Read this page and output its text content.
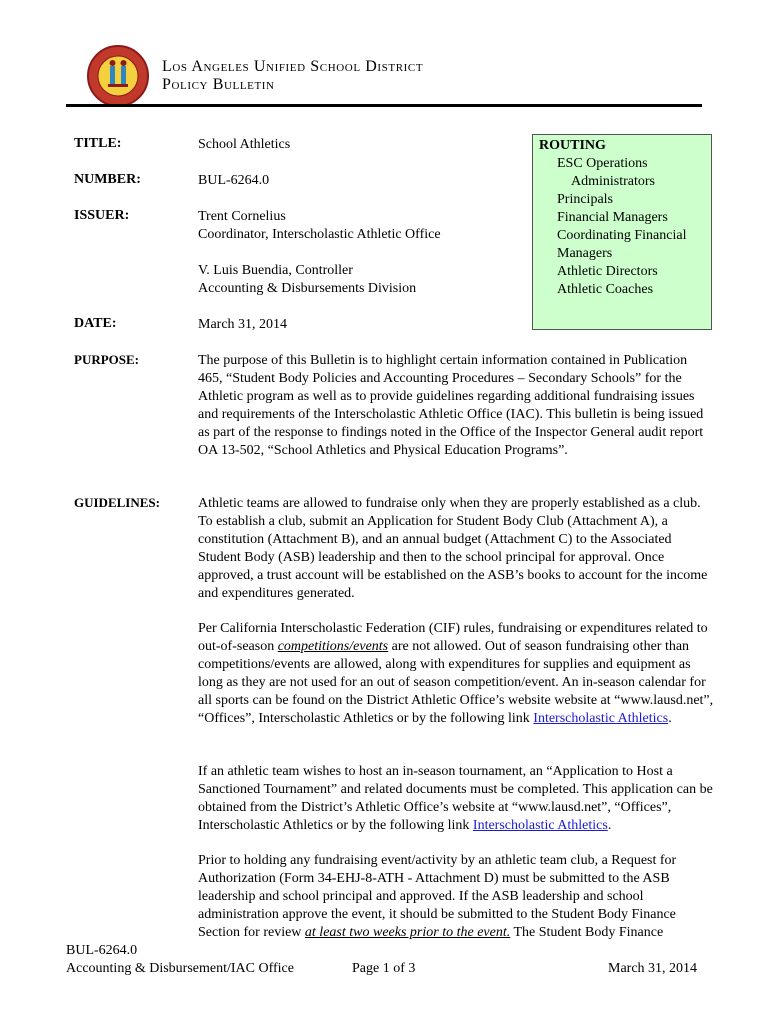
Los Angeles Unified School District
Policy Bulletin
TITLE:	School Athletics
NUMBER:	BUL-6264.0
ISSUER:	Trent Cornelius
Coordinator, Interscholastic Athletic Office
V. Luis Buendia, Controller
Accounting & Disbursements Division
DATE:	March 31, 2014
ROUTING
ESC Operations
Administrators
Principals
Financial Managers
Coordinating Financial
Managers
Athletic Directors
Athletic Coaches
PURPOSE:	The purpose of this Bulletin is to highlight certain information contained in Publication 465, “Student Body Policies and Accounting Procedures – Secondary Schools” for the Athletic program as well as to provide guidelines regarding additional fundraising issues and requirements of the Interscholastic Athletic Office (IAC). This bulletin is being issued as part of the response to findings noted in the Office of the Inspector General audit report OA 13-502, “School Athletics and Physical Education Programs”.
GUIDELINES:	Athletic teams are allowed to fundraise only when they are properly established as a club. To establish a club, submit an Application for Student Body Club (Attachment A), a constitution (Attachment B), and an annual budget (Attachment C) to the Associated Student Body (ASB) leadership and then to the school principal for approval. Once approved, a trust account will be established on the ASB’s books to account for the income and expenditures generated.
Per California Interscholastic Federation (CIF) rules, fundraising or expenditures related to out-of-season competitions/events are not allowed. Out of season fundraising other than competitions/events are allowed, along with expenditures for supplies and equipment as long as they are not used for an out of season competition/event. An in-season calendar for all sports can be found on the District Athletic Office’s website website at “www.lausd.net”, “Offices”, Interscholastic Athletics or by the following link Interscholastic Athletics.
If an athletic team wishes to host an in-season tournament, an “Application to Host a Sanctioned Tournament” and related documents must be completed. This application can be obtained from the District’s Athletic Office’s website at “www.lausd.net”, “Offices”, Interscholastic Athletics or by the following link Interscholastic Athletics.
Prior to holding any fundraising event/activity by an athletic team club, a Request for Authorization (Form 34-EHJ-8-ATH - Attachment D) must be submitted to the ASB leadership and school principal and approved. If the ASB leadership and school administration approve the event, it should be submitted to the Student Body Finance Section for review at least two weeks prior to the event. The Student Body Finance
BUL-6264.0
Accounting & Disbursement/IAC Office	Page 1 of 3	March 31, 2014
